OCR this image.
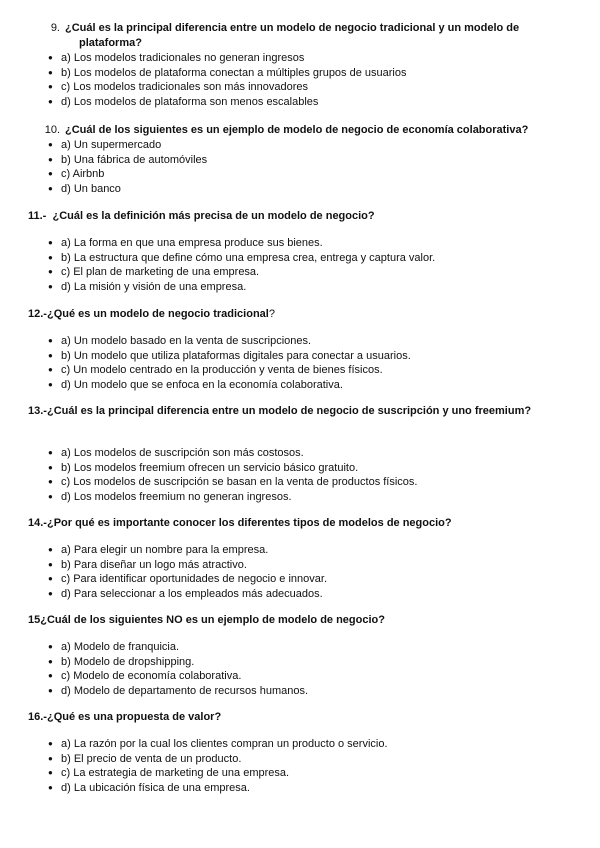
9. ¿Cuál es la principal diferencia entre un modelo de negocio tradicional y un modelo de
plataforma?
● a) Los modelos tradicionales no generan ingresos
● b) Los modelos de plataforma conectan a múltiples grupos de usuarios
● c) Los modelos tradicionales son más innovadores
● d) Los modelos de plataforma son menos escalables
10. ¿Cuál de los siguientes es un ejemplo de modelo de negocio de economía colaborativa?
● a) Un supermercado
● b) Una fábrica de automóviles
● c) Airbnb
● d) Un banco
11.- ¿Cuál es la definición más precisa de un modelo de negocio?
● a) La forma en que una empresa produce sus bienes.
● b) La estructura que define cómo una empresa crea, entrega y captura valor.
● c) El plan de marketing de una empresa.
● d) La misión y visión de una empresa.
12.-¿Qué es un modelo de negocio tradicional?
● a) Un modelo basado en la venta de suscripciones.
● b) Un modelo que utiliza plataformas digitales para conectar a usuarios.
● c) Un modelo centrado en la producción y venta de bienes físicos.
● d) Un modelo que se enfoca en la economía colaborativa.
13.-¿Cuál es la principal diferencia entre un modelo de negocio de suscripción y uno freemium?
● a) Los modelos de suscripción son más costosos.
● b) Los modelos freemium ofrecen un servicio básico gratuito.
● c) Los modelos de suscripción se basan en la venta de productos físicos.
● d) Los modelos freemium no generan ingresos.
14.-¿Por qué es importante conocer los diferentes tipos de modelos de negocio?
● a) Para elegir un nombre para la empresa.
● b) Para diseñar un logo más atractivo.
● c) Para identificar oportunidades de negocio e innovar.
● d) Para seleccionar a los empleados más adecuados.
15¿Cuál de los siguientes NO es un ejemplo de modelo de negocio?
● a) Modelo de franquicia.
● b) Modelo de dropshipping.
● c) Modelo de economía colaborativa.
● d) Modelo de departamento de recursos humanos.
16.-¿Qué es una propuesta de valor?
● a) La razón por la cual los clientes compran un producto o servicio.
● b) El precio de venta de un producto.
● c) La estrategia de marketing de una empresa.
● d) La ubicación física de una empresa.
